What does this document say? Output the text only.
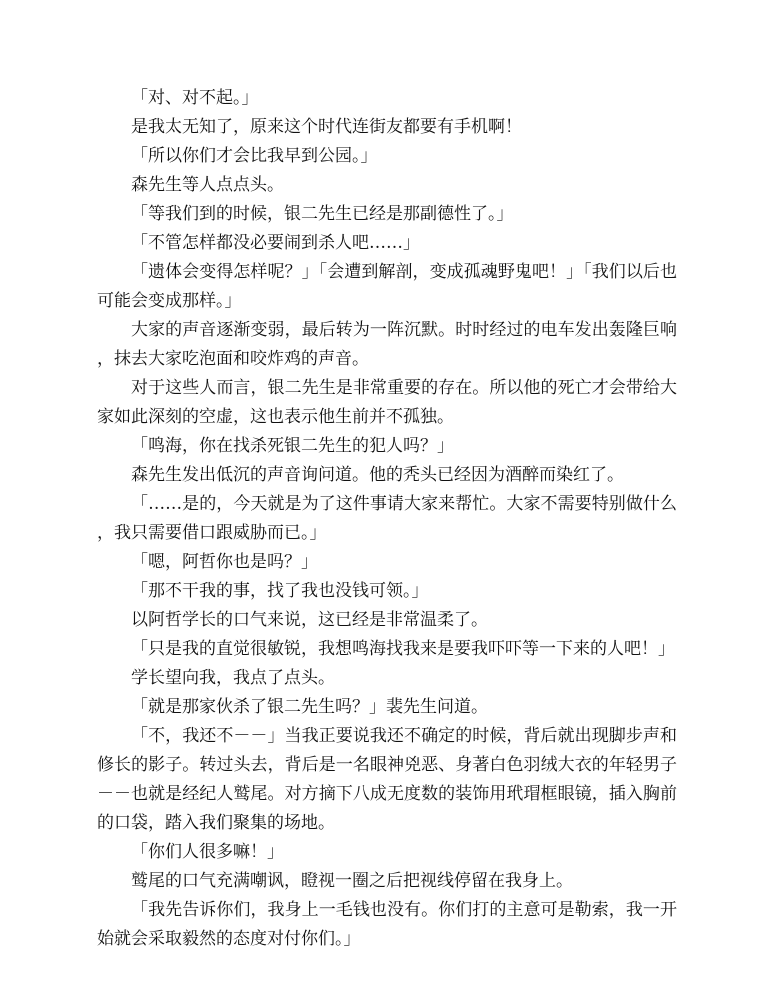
「对、对不起。」

是我太无知了，原来这个时代连街友都要有手机啊！

「所以你们才会比我早到公园。」

森先生等人点点头。

「等我们到的时候，银二先生已经是那副德性了。」

「不管怎样都没必要闹到杀人吧……」

「遗体会变得怎样呢？」「会遭到解剖，变成孤魂野鬼吧！」「我们以后也可能会变成那样。」

大家的声音逐渐变弱，最后转为一阵沉默。时时经过的电车发出轰隆巨响，抹去大家吃泡面和咬炸鸡的声音。

对于这些人而言，银二先生是非常重要的存在。所以他的死亡才会带给大家如此深刻的空虚，这也表示他生前并不孤独。

「鸣海，你在找杀死银二先生的犯人吗？」

森先生发出低沉的声音询问道。他的秃头已经因为酒醉而染红了。

「……是的，今天就是为了这件事请大家来帮忙。大家不需要特别做什么，我只需要借口跟威胁而已。」

「嗯，阿哲你也是吗？」

「那不干我的事，找了我也没钱可领。」

以阿哲学长的口气来说，这已经是非常温柔了。

「只是我的直觉很敏锐，我想鸣海找我来是要我吓吓等一下来的人吧！」

学长望向我，我点了点头。

「就是那家伙杀了银二先生吗？」裴先生问道。

「不，我还不－－」当我正要说我还不确定的时候，背后就出现脚步声和修长的影子。转过头去，背后是一名眼神兇恶、身著白色羽绒大衣的年轻男子－－也就是经纪人鹫尾。对方摘下八成无度数的装饰用玳瑁框眼镜，插入胸前的口袋，踏入我们聚集的场地。

「你们人很多嘛！」

鹫尾的口气充满嘲讽，瞪视一圈之后把视线停留在我身上。

「我先告诉你们，我身上一毛钱也没有。你们打的主意可是勒索，我一开始就会采取毅然的态度对付你们。」
